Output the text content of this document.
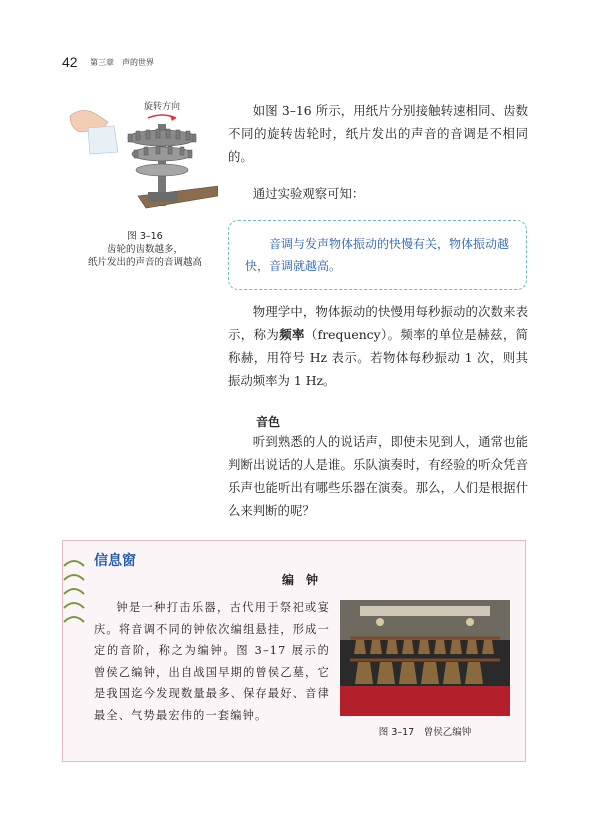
42 第三章　声的世界
旋转方向
图 3–16
齿轮的齿数越多，
纸片发出的声音的音调越高
如图 3–16 所示，用纸片分别接触转速相同、齿数不同的旋转齿轮时，纸片发出的声音的音调是不相同的。
通过实验观察可知：
音调与发声物体振动的快慢有关，物体振动越快，音调就越高。
物理学中，物体振动的快慢用每秒振动的次数来表示，称为频率（frequency）。频率的单位是赫兹，简称赫，用符号 Hz 表示。若物体每秒振动 1 次，则其振动频率为 1 Hz。
音色
听到熟悉的人的说话声，即使未见到人，通常也能判断出说话的人是谁。乐队演奏时，有经验的听众凭音乐声也能听出有哪些乐器在演奏。那么，人们是根据什么来判断的呢？
信息窗
编钟
钟是一种打击乐器，古代用于祭祀或宴庆。将音调不同的钟依次编组悬挂，形成一定的音阶，称之为编钟。图 3–17 展示的曾侯乙编钟，出自战国早期的曾侯乙墓，它是我国迄今发现数量最多、保存最好、音律最全、气势最宏伟的一套编钟。
图 3–17　曾侯乙编钟
